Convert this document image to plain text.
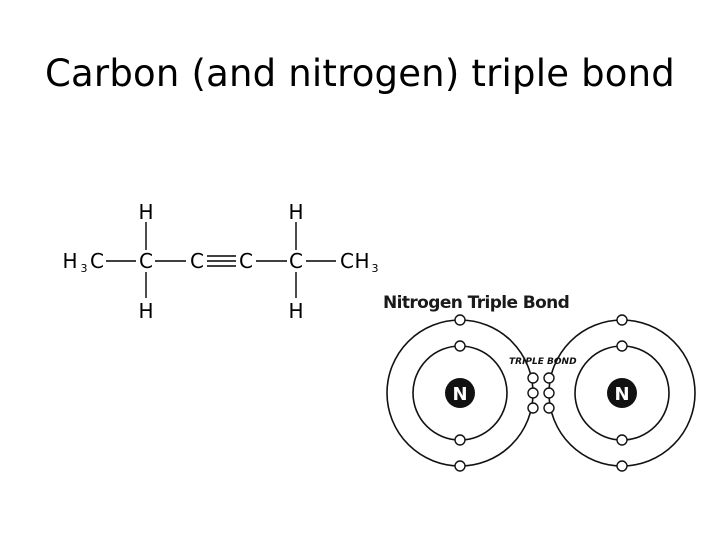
Carbon (and nitrogen) triple bond
H 3 C C C C C C H 3
H	H
H	H	Nitrogen Triple Bond
N	N
TRIPLE BOND
